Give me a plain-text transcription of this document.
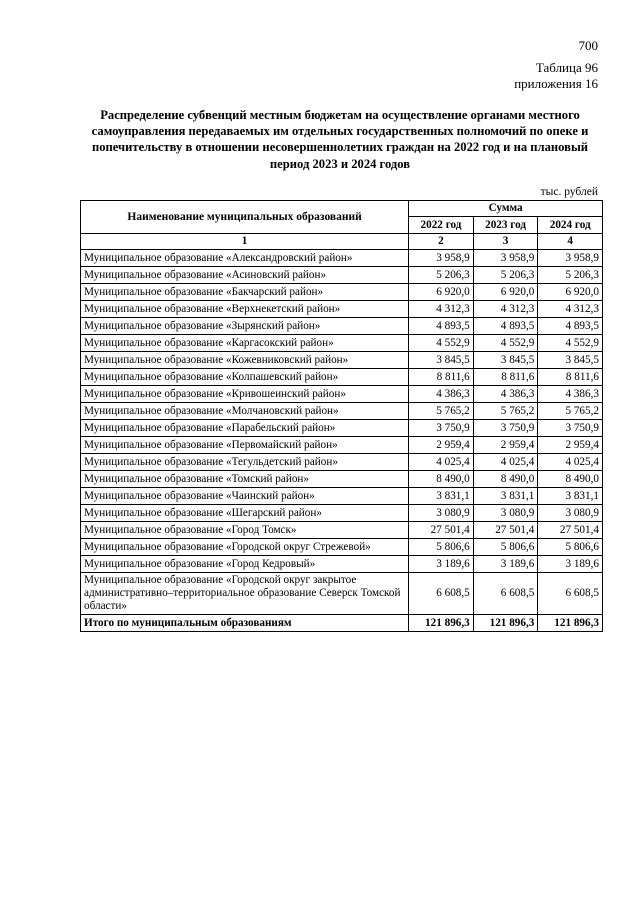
700
Таблица 96
приложения 16
Распределение субвенций местным бюджетам на осуществление органами местного самоуправления передаваемых им отдельных государственных полномочий по опеке и попечительству в отношении несовершеннолетних граждан на 2022 год и на плановый период 2023 и 2024 годов
тыс. рублей
Наименование муниципальных образований	Сумма		
	2022 год	2023 год	2024 год
1	2	3	4
Муниципальное образование «Александровский район»	3 958,9	3 958,9	3 958,9
Муниципальное образование «Асиновский район»	5 206,3	5 206,3	5 206,3
Муниципальное образование «Бакчарский район»	6 920,0	6 920,0	6 920,0
Муниципальное образование «Верхнекетский район»	4 312,3	4 312,3	4 312,3
Муниципальное образование «Зырянский район»	4 893,5	4 893,5	4 893,5
Муниципальное образование «Каргасокский район»	4 552,9	4 552,9	4 552,9
Муниципальное образование «Кожевниковский район»	3 845,5	3 845,5	3 845,5
Муниципальное образование «Колпашевский район»	8 811,6	8 811,6	8 811,6
Муниципальное образование «Кривошеинский район»	4 386,3	4 386,3	4 386,3
Муниципальное образование «Молчановский район»	5 765,2	5 765,2	5 765,2
Муниципальное образование «Парабельский район»	3 750,9	3 750,9	3 750,9
Муниципальное образование «Первомайский район»	2 959,4	2 959,4	2 959,4
Муниципальное образование «Тегульдетский район»	4 025,4	4 025,4	4 025,4
Муниципальное образование «Томский район»	8 490,0	8 490,0	8 490,0
Муниципальное образование «Чаинский район»	3 831,1	3 831,1	3 831,1
Муниципальное образование «Шегарский район»	3 080,9	3 080,9	3 080,9
Муниципальное образование «Город Томск»	27 501,4	27 501,4	27 501,4
Муниципальное образование «Городской округ Стрежевой»	5 806,6	5 806,6	5 806,6
Муниципальное образование «Город Кедровый»	3 189,6	3 189,6	3 189,6
Муниципальное образование «Городской округ закрытое административно–территориальное образование Северск Томской области»	6 608,5	6 608,5	6 608,5
Итого по муниципальным образованиям	121 896,3	121 896,3	121 896,3
